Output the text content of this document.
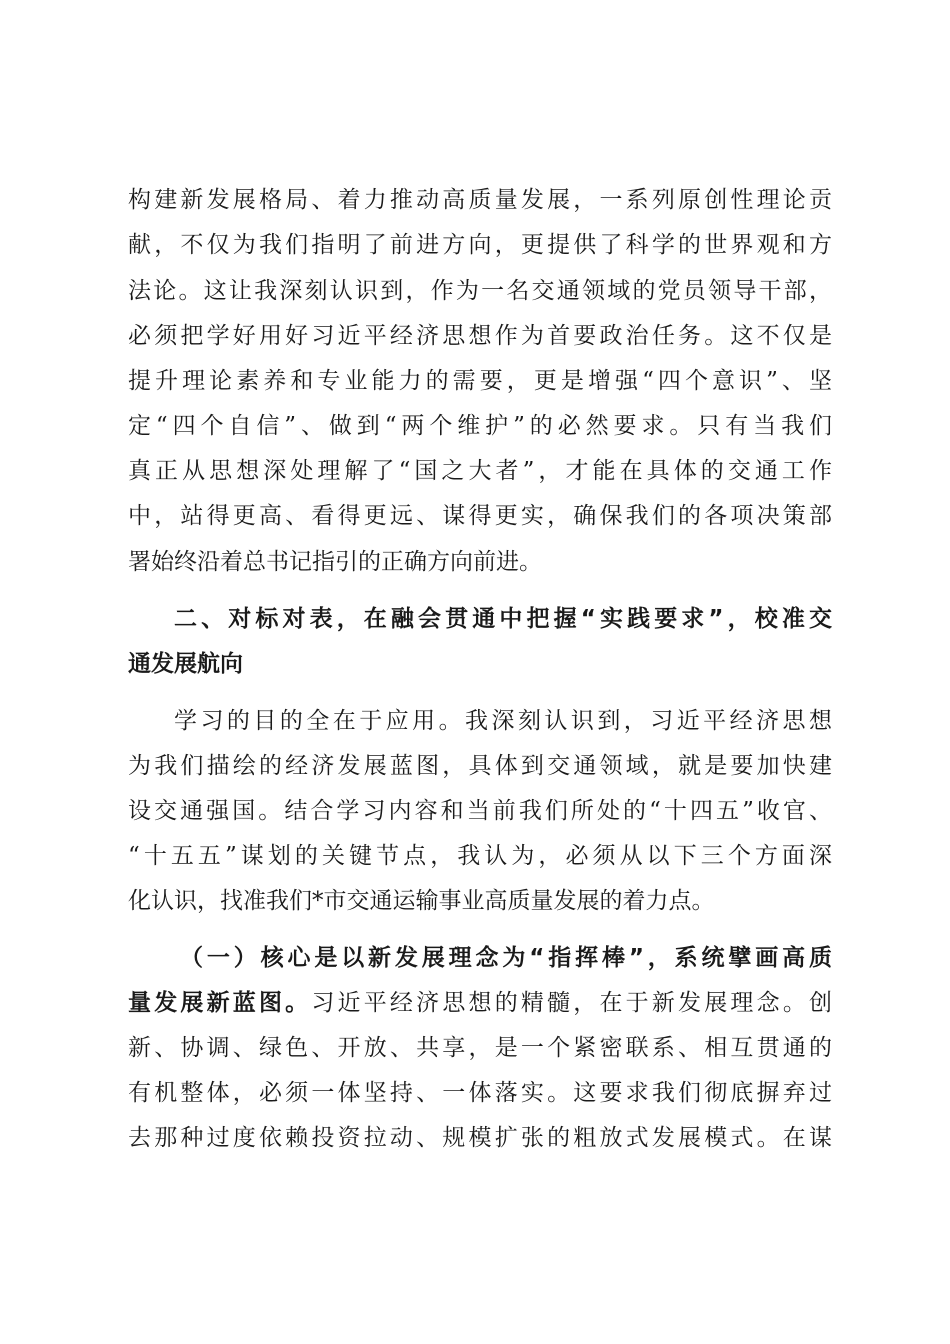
构建新发展格局、着力推动高质量发展，一系列原创性理论贡
献，不仅为我们指明了前进方向，更提供了科学的世界观和方
法论。这让我深刻认识到，作为一名交通领域的党员领导干部，
必须把学好用好习近平经济思想作为首要政治任务。这不仅是
提升理论素养和专业能力的需要，更是增强“四个意识”、坚
定“四个自信”、做到“两个维护”的必然要求。只有当我们
真正从思想深处理解了“国之大者”，才能在具体的交通工作
中，站得更高、看得更远、谋得更实，确保我们的各项决策部
署始终沿着总书记指引的正确方向前进。
二、对标对表，在融会贯通中把握“实践要求”，校准交
通发展航向
学习的目的全在于应用。我深刻认识到，习近平经济思想
为我们描绘的经济发展蓝图，具体到交通领域，就是要加快建
设交通强国。结合学习内容和当前我们所处的“十四五”收官、
“十五五”谋划的关键节点，我认为，必须从以下三个方面深
化认识，找准我们*市交通运输事业高质量发展的着力点。
（一）核心是以新发展理念为“指挥棒”，系统擘画高质
量发展新蓝图。习近平经济思想的精髓，在于新发展理念。创
新、协调、绿色、开放、共享，是一个紧密联系、相互贯通的
有机整体，必须一体坚持、一体落实。这要求我们彻底摒弃过
去那种过度依赖投资拉动、规模扩张的粗放式发展模式。在谋
